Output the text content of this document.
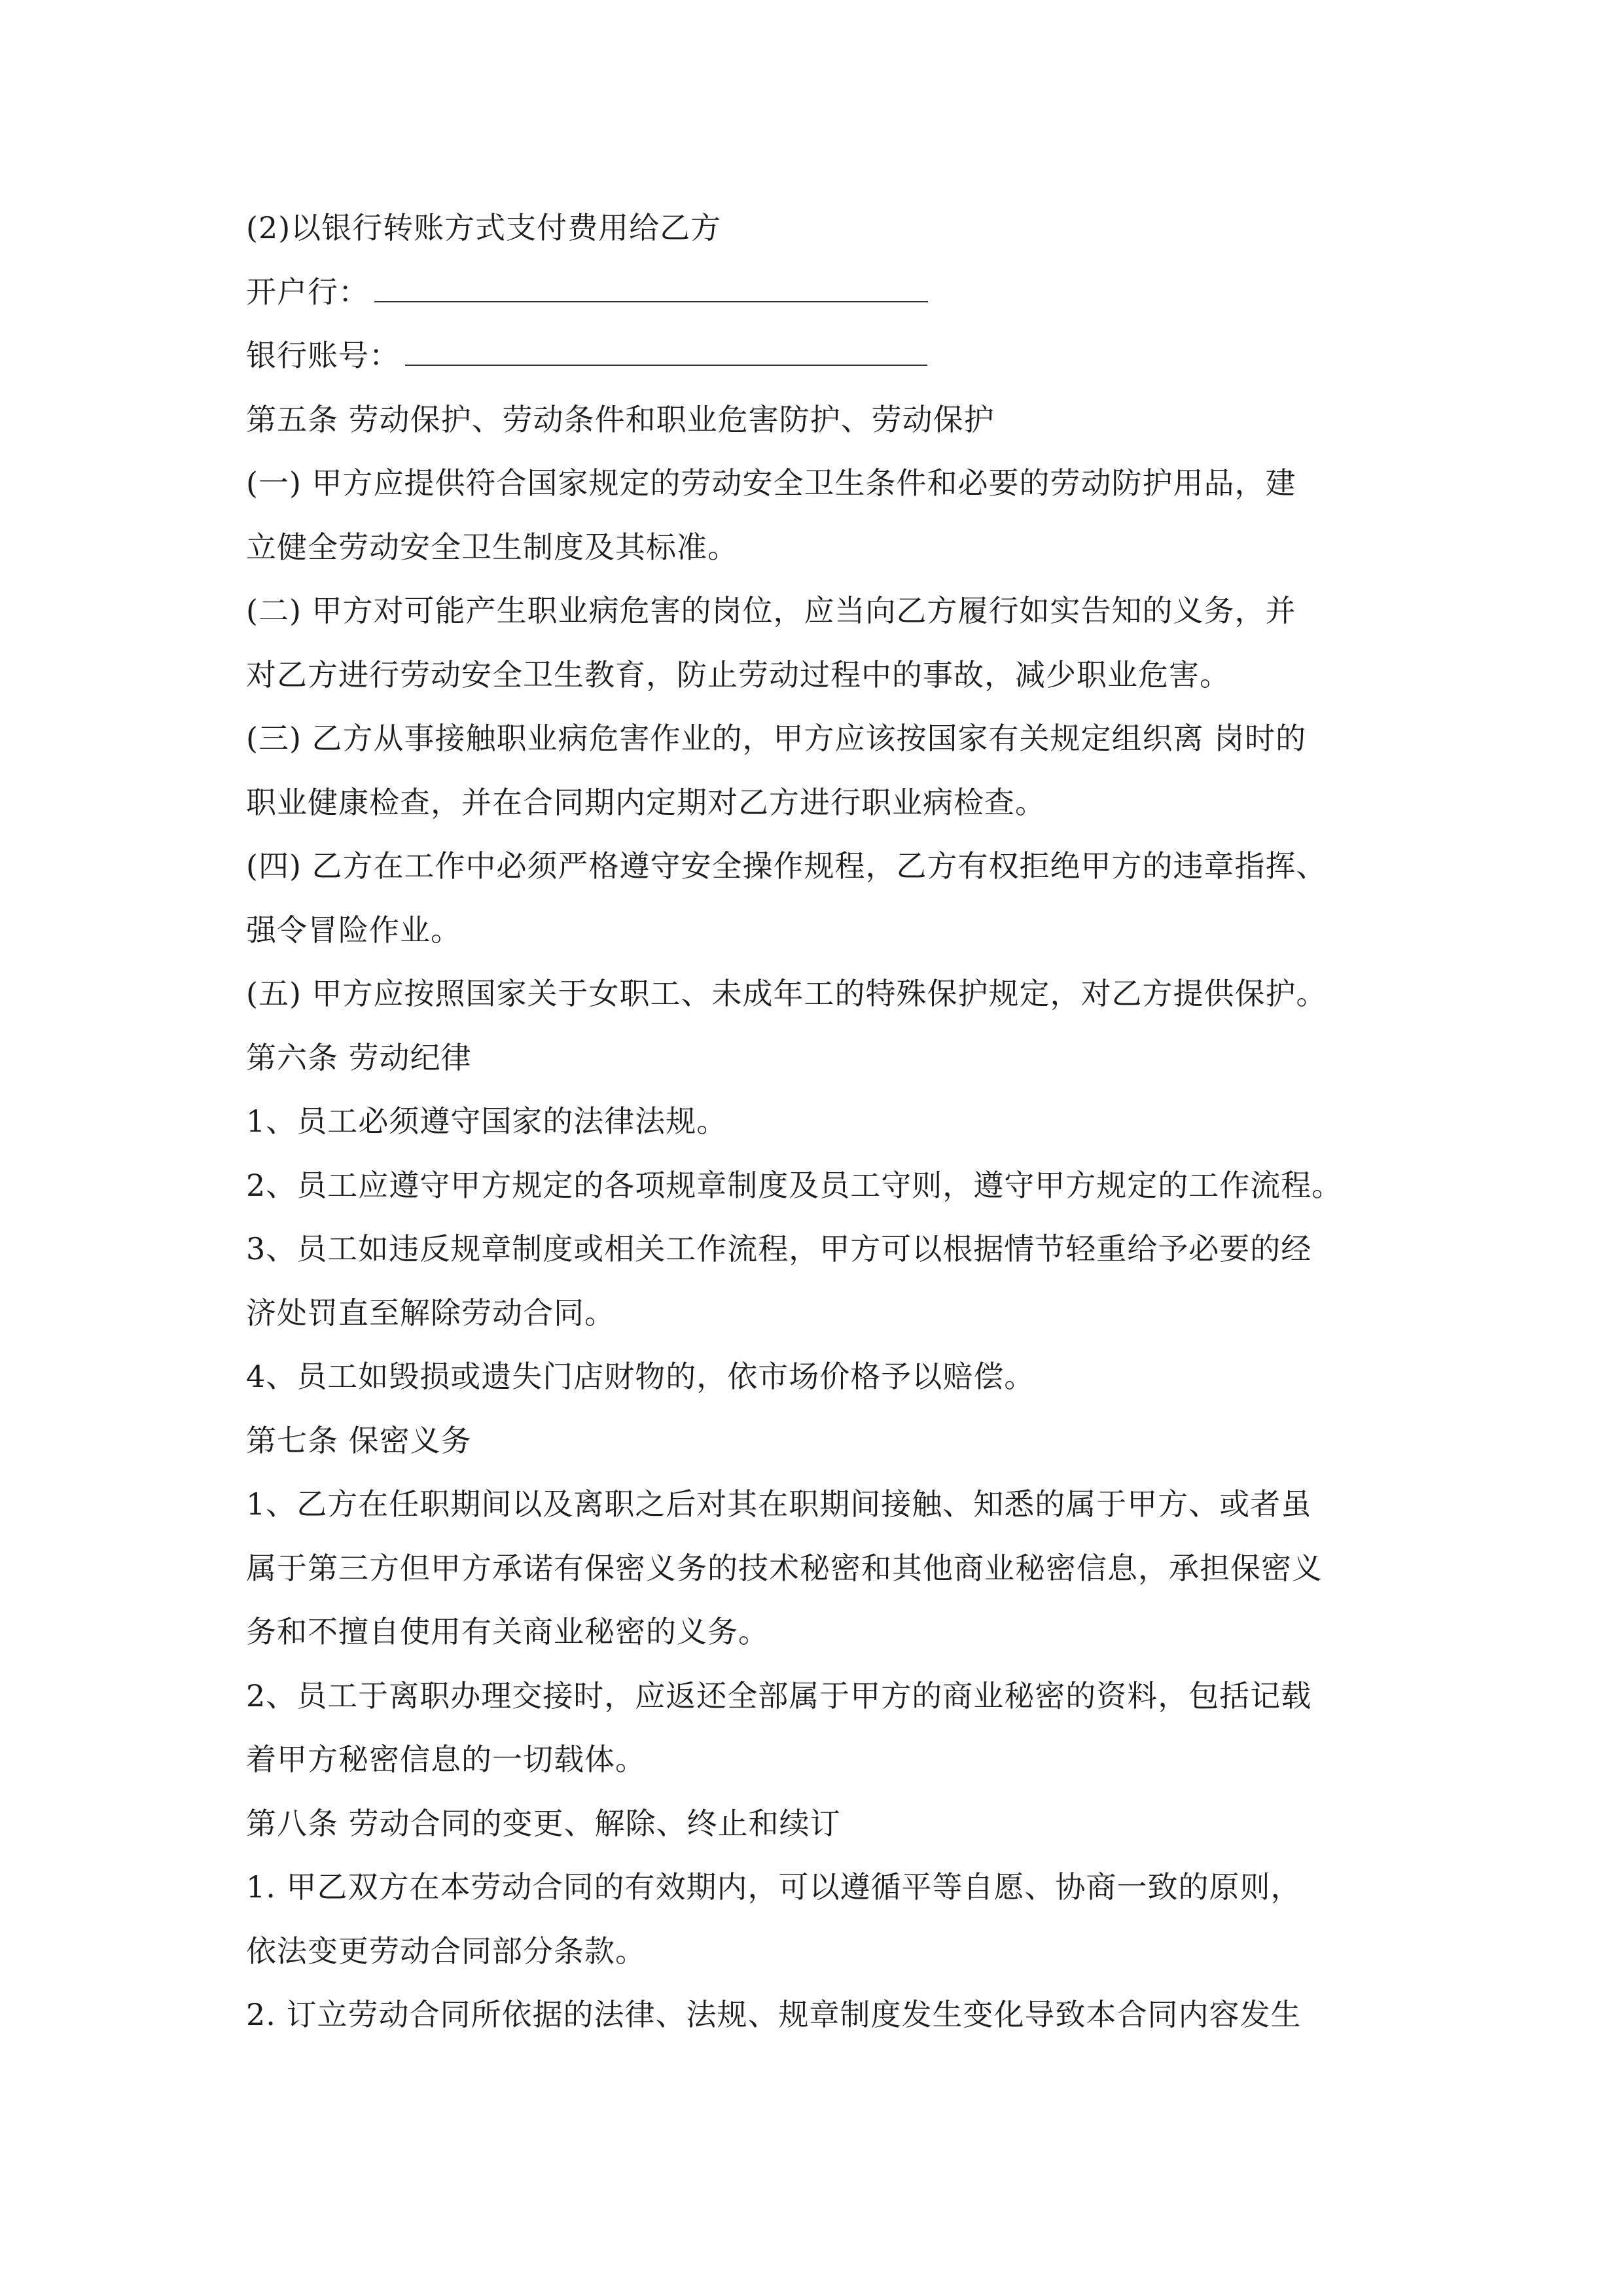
(2)以银行转账方式支付费用给乙方
开户行：
银行账号：
第五条 劳动保护、劳动条件和职业危害防护、劳动保护
(一) 甲方应提供符合国家规定的劳动安全卫生条件和必要的劳动防护用品，建
立健全劳动安全卫生制度及其标准。
(二) 甲方对可能产生职业病危害的岗位，应当向乙方履行如实告知的义务，并
对乙方进行劳动安全卫生教育，防止劳动过程中的事故，减少职业危害。
(三) 乙方从事接触职业病危害作业的，甲方应该按国家有关规定组织离 岗时的
职业健康检查，并在合同期内定期对乙方进行职业病检查。
(四) 乙方在工作中必须严格遵守安全操作规程，乙方有权拒绝甲方的违章指挥、
强令冒险作业。
(五) 甲方应按照国家关于女职工、未成年工的特殊保护规定，对乙方提供保护。
第六条 劳动纪律
1、员工必须遵守国家的法律法规。
2、员工应遵守甲方规定的各项规章制度及员工守则，遵守甲方规定的工作流程。
3、员工如违反规章制度或相关工作流程，甲方可以根据情节轻重给予必要的经
济处罚直至解除劳动合同。
4、员工如毁损或遗失门店财物的，依市场价格予以赔偿。
第七条 保密义务
1、乙方在任职期间以及离职之后对其在职期间接触、知悉的属于甲方、或者虽
属于第三方但甲方承诺有保密义务的技术秘密和其他商业秘密信息，承担保密义
务和不擅自使用有关商业秘密的义务。
2、员工于离职办理交接时，应返还全部属于甲方的商业秘密的资料，包括记载
着甲方秘密信息的一切载体。
第八条 劳动合同的变更、解除、终止和续订
1. 甲乙双方在本劳动合同的有效期内，可以遵循平等自愿、协商一致的原则，
依法变更劳动合同部分条款。
2. 订立劳动合同所依据的法律、法规、规章制度发生变化导致本合同内容发生
